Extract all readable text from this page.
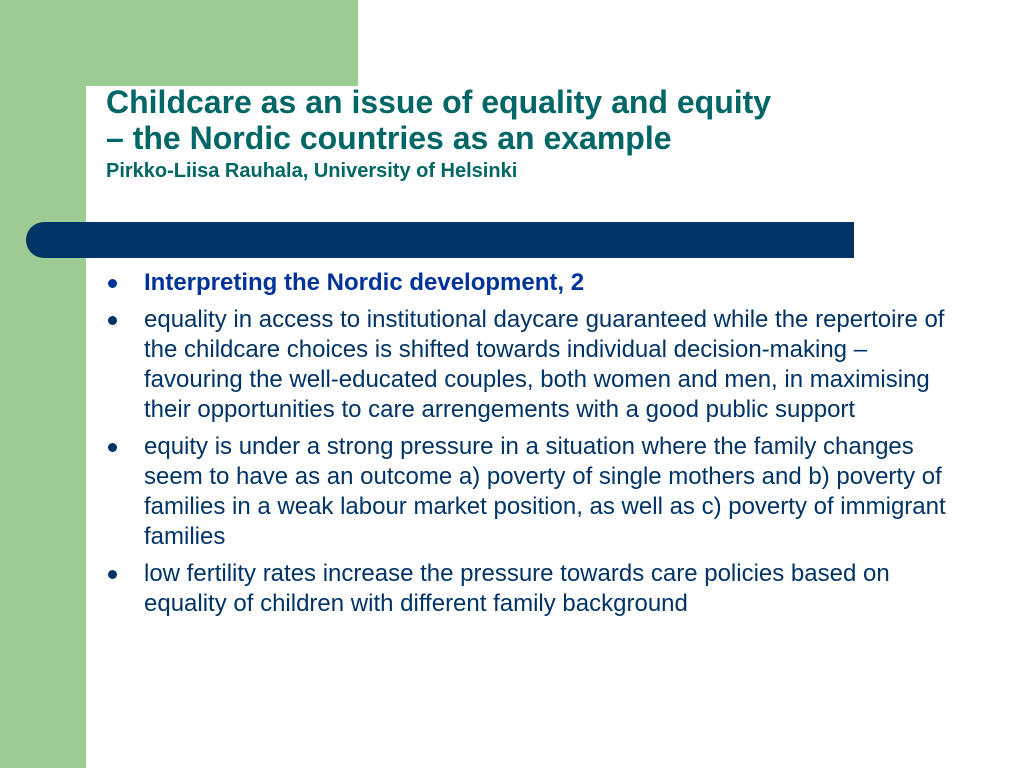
Childcare as an issue of equality and equity
– the Nordic countries as an example
Pirkko-Liisa Rauhala, University of Helsinki
Interpreting the Nordic development, 2
equality in access to institutional daycare guaranteed while the repertoire of the childcare choices is shifted towards individual decision-making – favouring the well-educated couples, both women and men, in maximising their opportunities to care arrengements with a good public support
equity is under a strong pressure in a situation where the family changes seem to have as an outcome a) poverty of single mothers and b) poverty of families in a weak labour market position, as well as c) poverty of immigrant families
low fertility rates increase the pressure towards care policies based on equality of children with different family background
